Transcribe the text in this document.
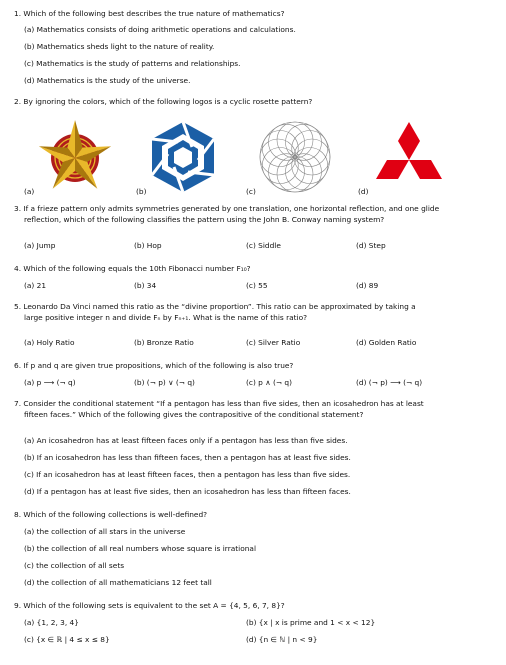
1. Which of the following best describes the true nature of mathematics?
(a) Mathematics consists of doing arithmetic operations and calculations.
(b) Mathematics sheds light to the nature of reality.
(c) Mathematics is the study of patterns and relationships.
(d) Mathematics is the study of the universe.
2. By ignoring the colors, which of the following logos is a cyclic rosette pattern?
(a)	(b)	(c)	(d)
3. If a frieze pattern only admits symmetries generated by one translation, one horizontal reflection, and one glide
reflection, which of the following classifies the pattern using the John B. Conway naming system?
(a) Jump	(b) Hop	(c) Siddle	(d) Step
4. Which of the following equals the 10th Fibonacci number F₁₀?
(a) 21	(b) 34	(c) 55	(d) 89
5. Leonardo Da Vinci named this ratio as the “divine proportion”. This ratio can be approximated by taking a
large positive integer n and divide Fₙ by Fₙ₊₁. What is the name of this ratio?
(a) Holy Ratio	(b) Bronze Ratio	(c) Silver Ratio	(d) Golden Ratio
6. If p and q are given true propositions, which of the following is also true?
(a) p ⟶ (¬ q)	(b) (¬ p) ∨ (¬ q)	(c) p ∧ (¬ q)	(d) (¬ p) ⟶ (¬ q)
7. Consider the conditional statement “If a pentagon has less than five sides, then an icosahedron has at least
fifteen faces.” Which of the following gives the contrapositive of the conditional statement?
(a) An icosahedron has at least fifteen faces only if a pentagon has less than five sides.
(b) If an icosahedron has less than fifteen faces, then a pentagon has at least five sides.
(c) If an icosahedron has at least fifteen faces, then a pentagon has less than five sides.
(d) If a pentagon has at least five sides, then an icosahedron has less than fifteen faces.
8. Which of the following collections is well-defined?
(a) the collection of all stars in the universe
(b) the collection of all real numbers whose square is irrational
(c) the collection of all sets
(d) the collection of all mathematicians 12 feet tall
9. Which of the following sets is equivalent to the set A = {4, 5, 6, 7, 8}?
(a) {1, 2, 3, 4}	(b) {x | x is prime and 1 < x < 12}
(c) {x ∈ ℝ | 4 ≤ x ≤ 8}	(d) {n ∈ ℕ | n < 9}
